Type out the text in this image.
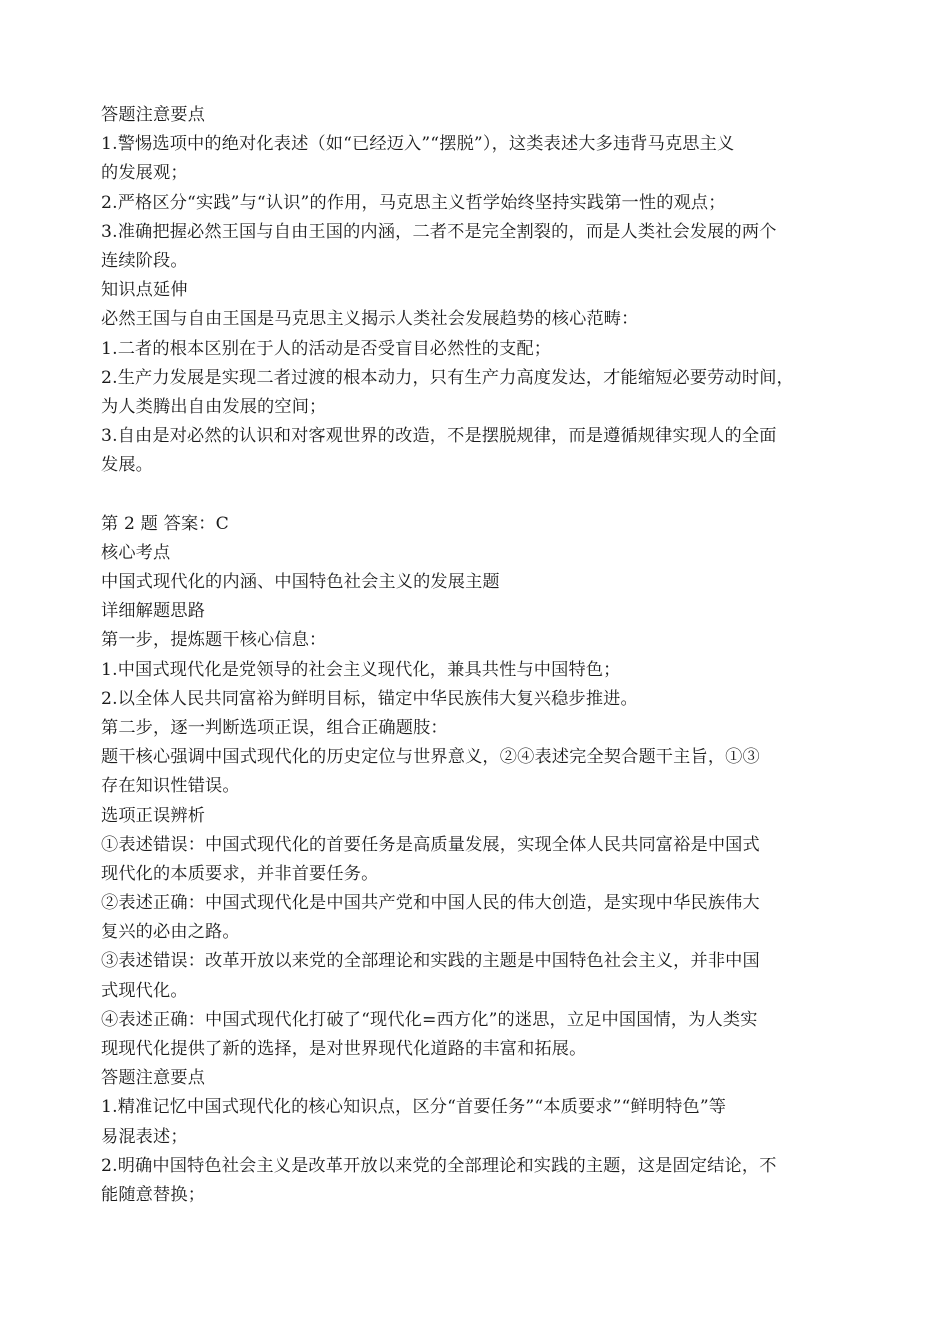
答题注意要点
1.警惕选项中的绝对化表述（如“已经迈入”“摆脱”），这类表述大多违背马克思主义
的发展观；
2.严格区分“实践”与“认识”的作用，马克思主义哲学始终坚持实践第一性的观点；
3.准确把握必然王国与自由王国的内涵，二者不是完全割裂的，而是人类社会发展的两个
连续阶段。
知识点延伸
必然王国与自由王国是马克思主义揭示人类社会发展趋势的核心范畴：
1.二者的根本区别在于人的活动是否受盲目必然性的支配；
2.生产力发展是实现二者过渡的根本动力，只有生产力高度发达，才能缩短必要劳动时间，
为人类腾出自由发展的空间；
3.自由是对必然的认识和对客观世界的改造，不是摆脱规律，而是遵循规律实现人的全面
发展。
第 2 题 答案：C
核心考点
中国式现代化的内涵、中国特色社会主义的发展主题
详细解题思路
第一步，提炼题干核心信息：
1.中国式现代化是党领导的社会主义现代化，兼具共性与中国特色；
2.以全体人民共同富裕为鲜明目标，锚定中华民族伟大复兴稳步推进。
第二步，逐一判断选项正误，组合正确题肢：
题干核心强调中国式现代化的历史定位与世界意义，②④表述完全契合题干主旨，①③
存在知识性错误。
选项正误辨析
①表述错误：中国式现代化的首要任务是高质量发展，实现全体人民共同富裕是中国式
现代化的本质要求，并非首要任务。
②表述正确：中国式现代化是中国共产党和中国人民的伟大创造，是实现中华民族伟大
复兴的必由之路。
③表述错误：改革开放以来党的全部理论和实践的主题是中国特色社会主义，并非中国
式现代化。
④表述正确：中国式现代化打破了“现代化=西方化”的迷思，立足中国国情，为人类实
现现代化提供了新的选择，是对世界现代化道路的丰富和拓展。
答题注意要点
1.精准记忆中国式现代化的核心知识点，区分“首要任务”“本质要求”“鲜明特色”等
易混表述；
2.明确中国特色社会主义是改革开放以来党的全部理论和实践的主题，这是固定结论，不
能随意替换；
